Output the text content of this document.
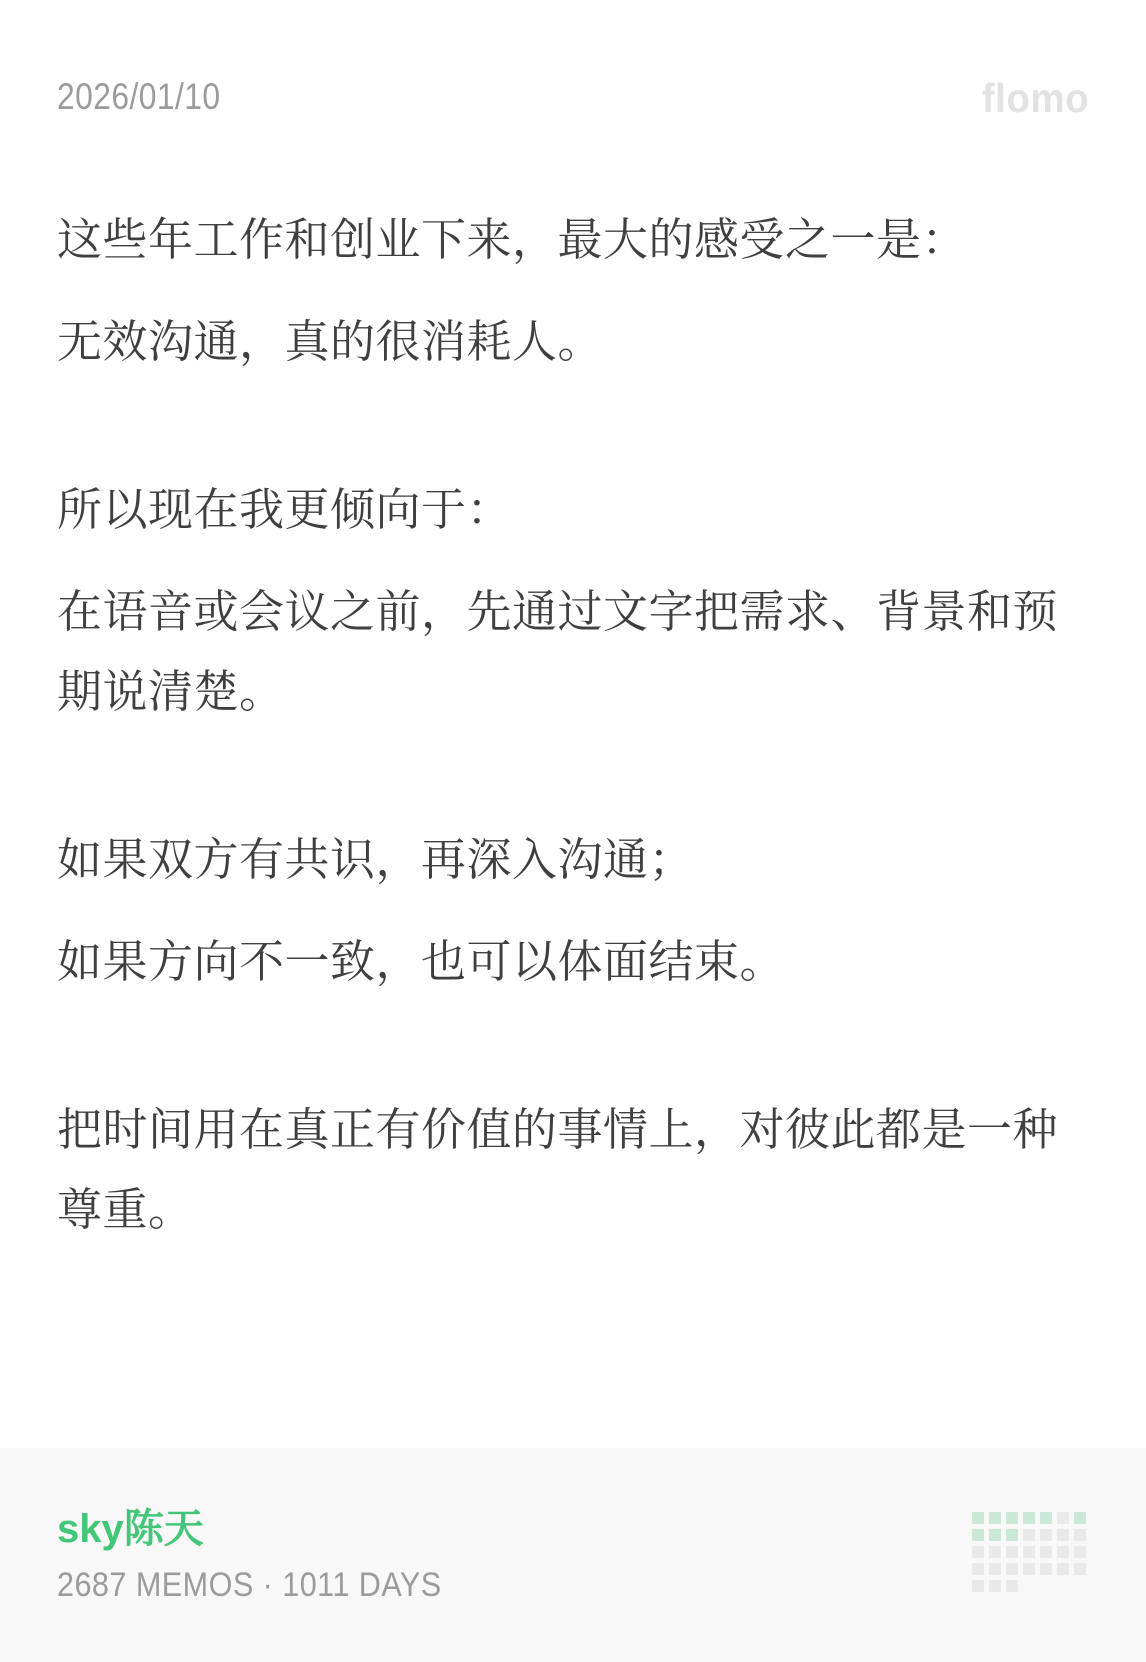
2026/01/10	flomo

这些年工作和创业下来，最大的感受之一是：

无效沟通，真的很消耗人。

所以现在我更倾向于：

在语音或会议之前，先通过文字把需求、背景和预期说清楚。

如果双方有共识，再深入沟通；

如果方向不一致，也可以体面结束。

把时间用在真正有价值的事情上，对彼此都是一种尊重。

sky陈天
2687 MEMOS · 1011 DAYS
